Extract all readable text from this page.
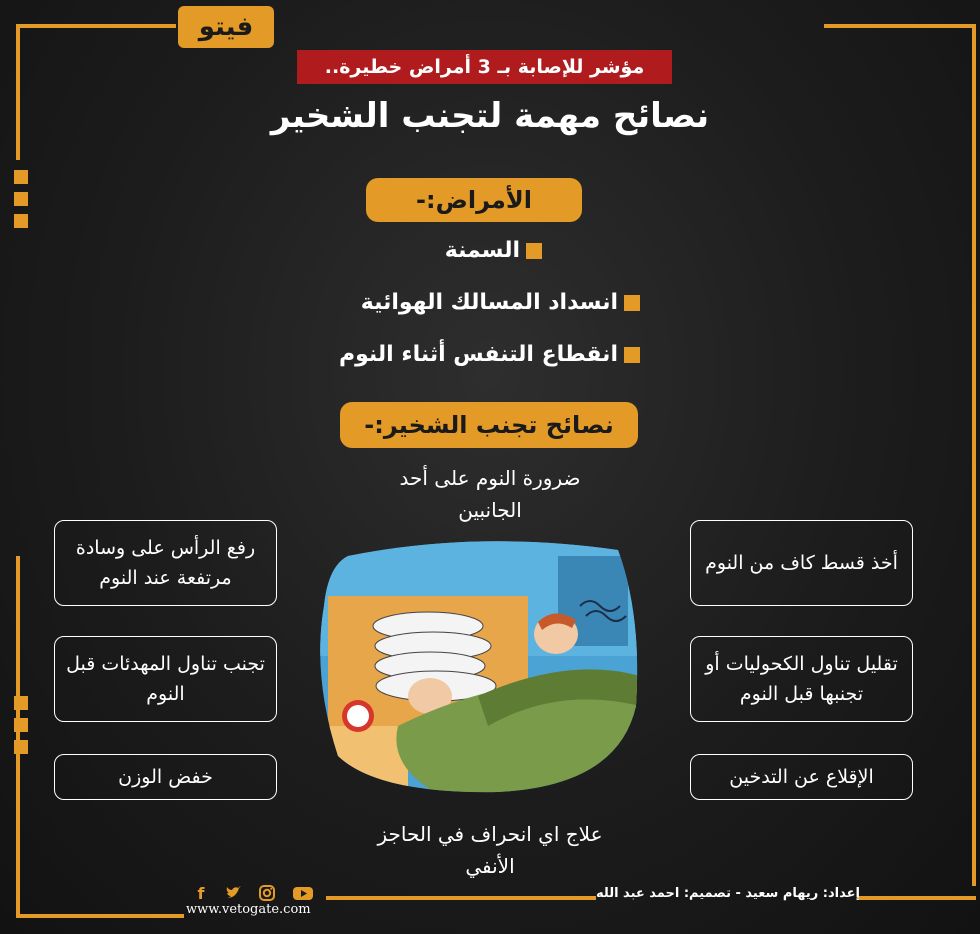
فيتو
مؤشر للإصابة بـ 3 أمراض خطيرة..
نصائح مهمة لتجنب الشخير
الأمراض:-
السمنة
انسداد المسالك الهوائية
انقطاع التنفس أثناء النوم
نصائح تجنب الشخير:-
ضرورة النوم على أحد الجانبين
رفع الرأس على وسادة مرتفعة عند النوم
تجنب تناول المهدئات قبل النوم
خفض الوزن
أخذ قسط كاف من النوم
تقليل تناول الكحوليات أو تجنبها قبل النوم
الإقلاع عن التدخين
علاج اي انحراف في الحاجز الأنفي
إعداد: ريهام سعيد - تصميم: احمد عبد الله
www.vetogate.com
f
